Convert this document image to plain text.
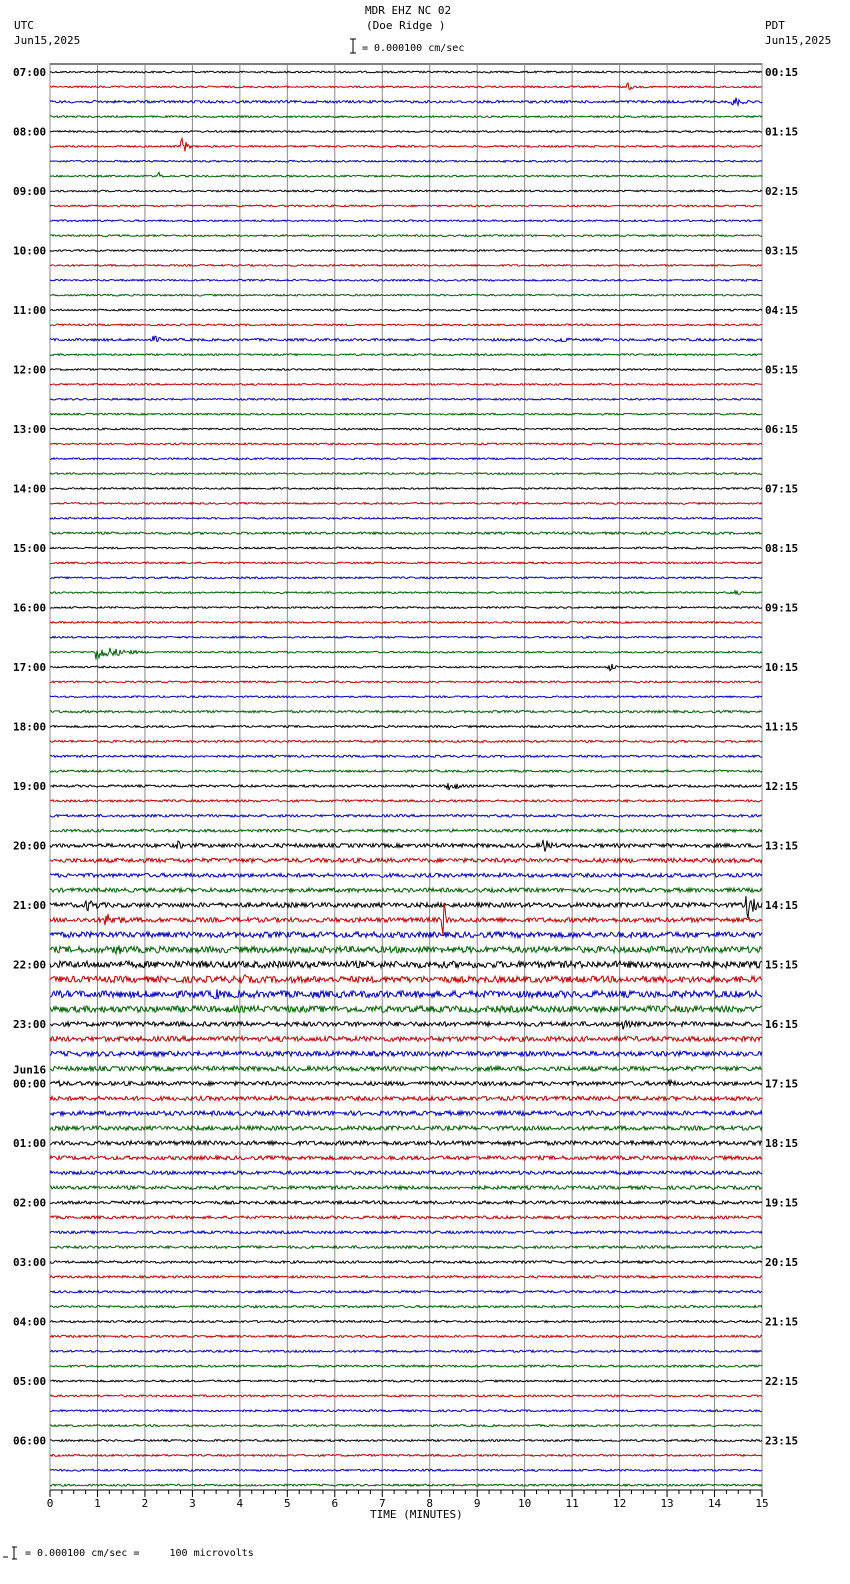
MDR EHZ NC 02
(Doe Ridge )
UTC
Jun15,2025
PDT
Jun15,2025
= 0.000100 cm/sec
= 0.000100 cm/sec =     100 microvolts
TIME (MINUTES)
0	1	2	3	4	5	6	7	8	9	10	11	12	13	14	15
07:00
08:00
09:00
10:00
11:00
12:00
13:00
14:00
15:00
16:00
17:00
18:00
19:00
20:00
21:00
22:00
23:00
00:00
Jun16
01:00
02:00
03:00
04:00
05:00
06:00
00:15
01:15
02:15
03:15
04:15
05:15
06:15
07:15
08:15
09:15
10:15
11:15
12:15
13:15
14:15
15:15
16:15
17:15
18:15
19:15
20:15
21:15
22:15
23:15
